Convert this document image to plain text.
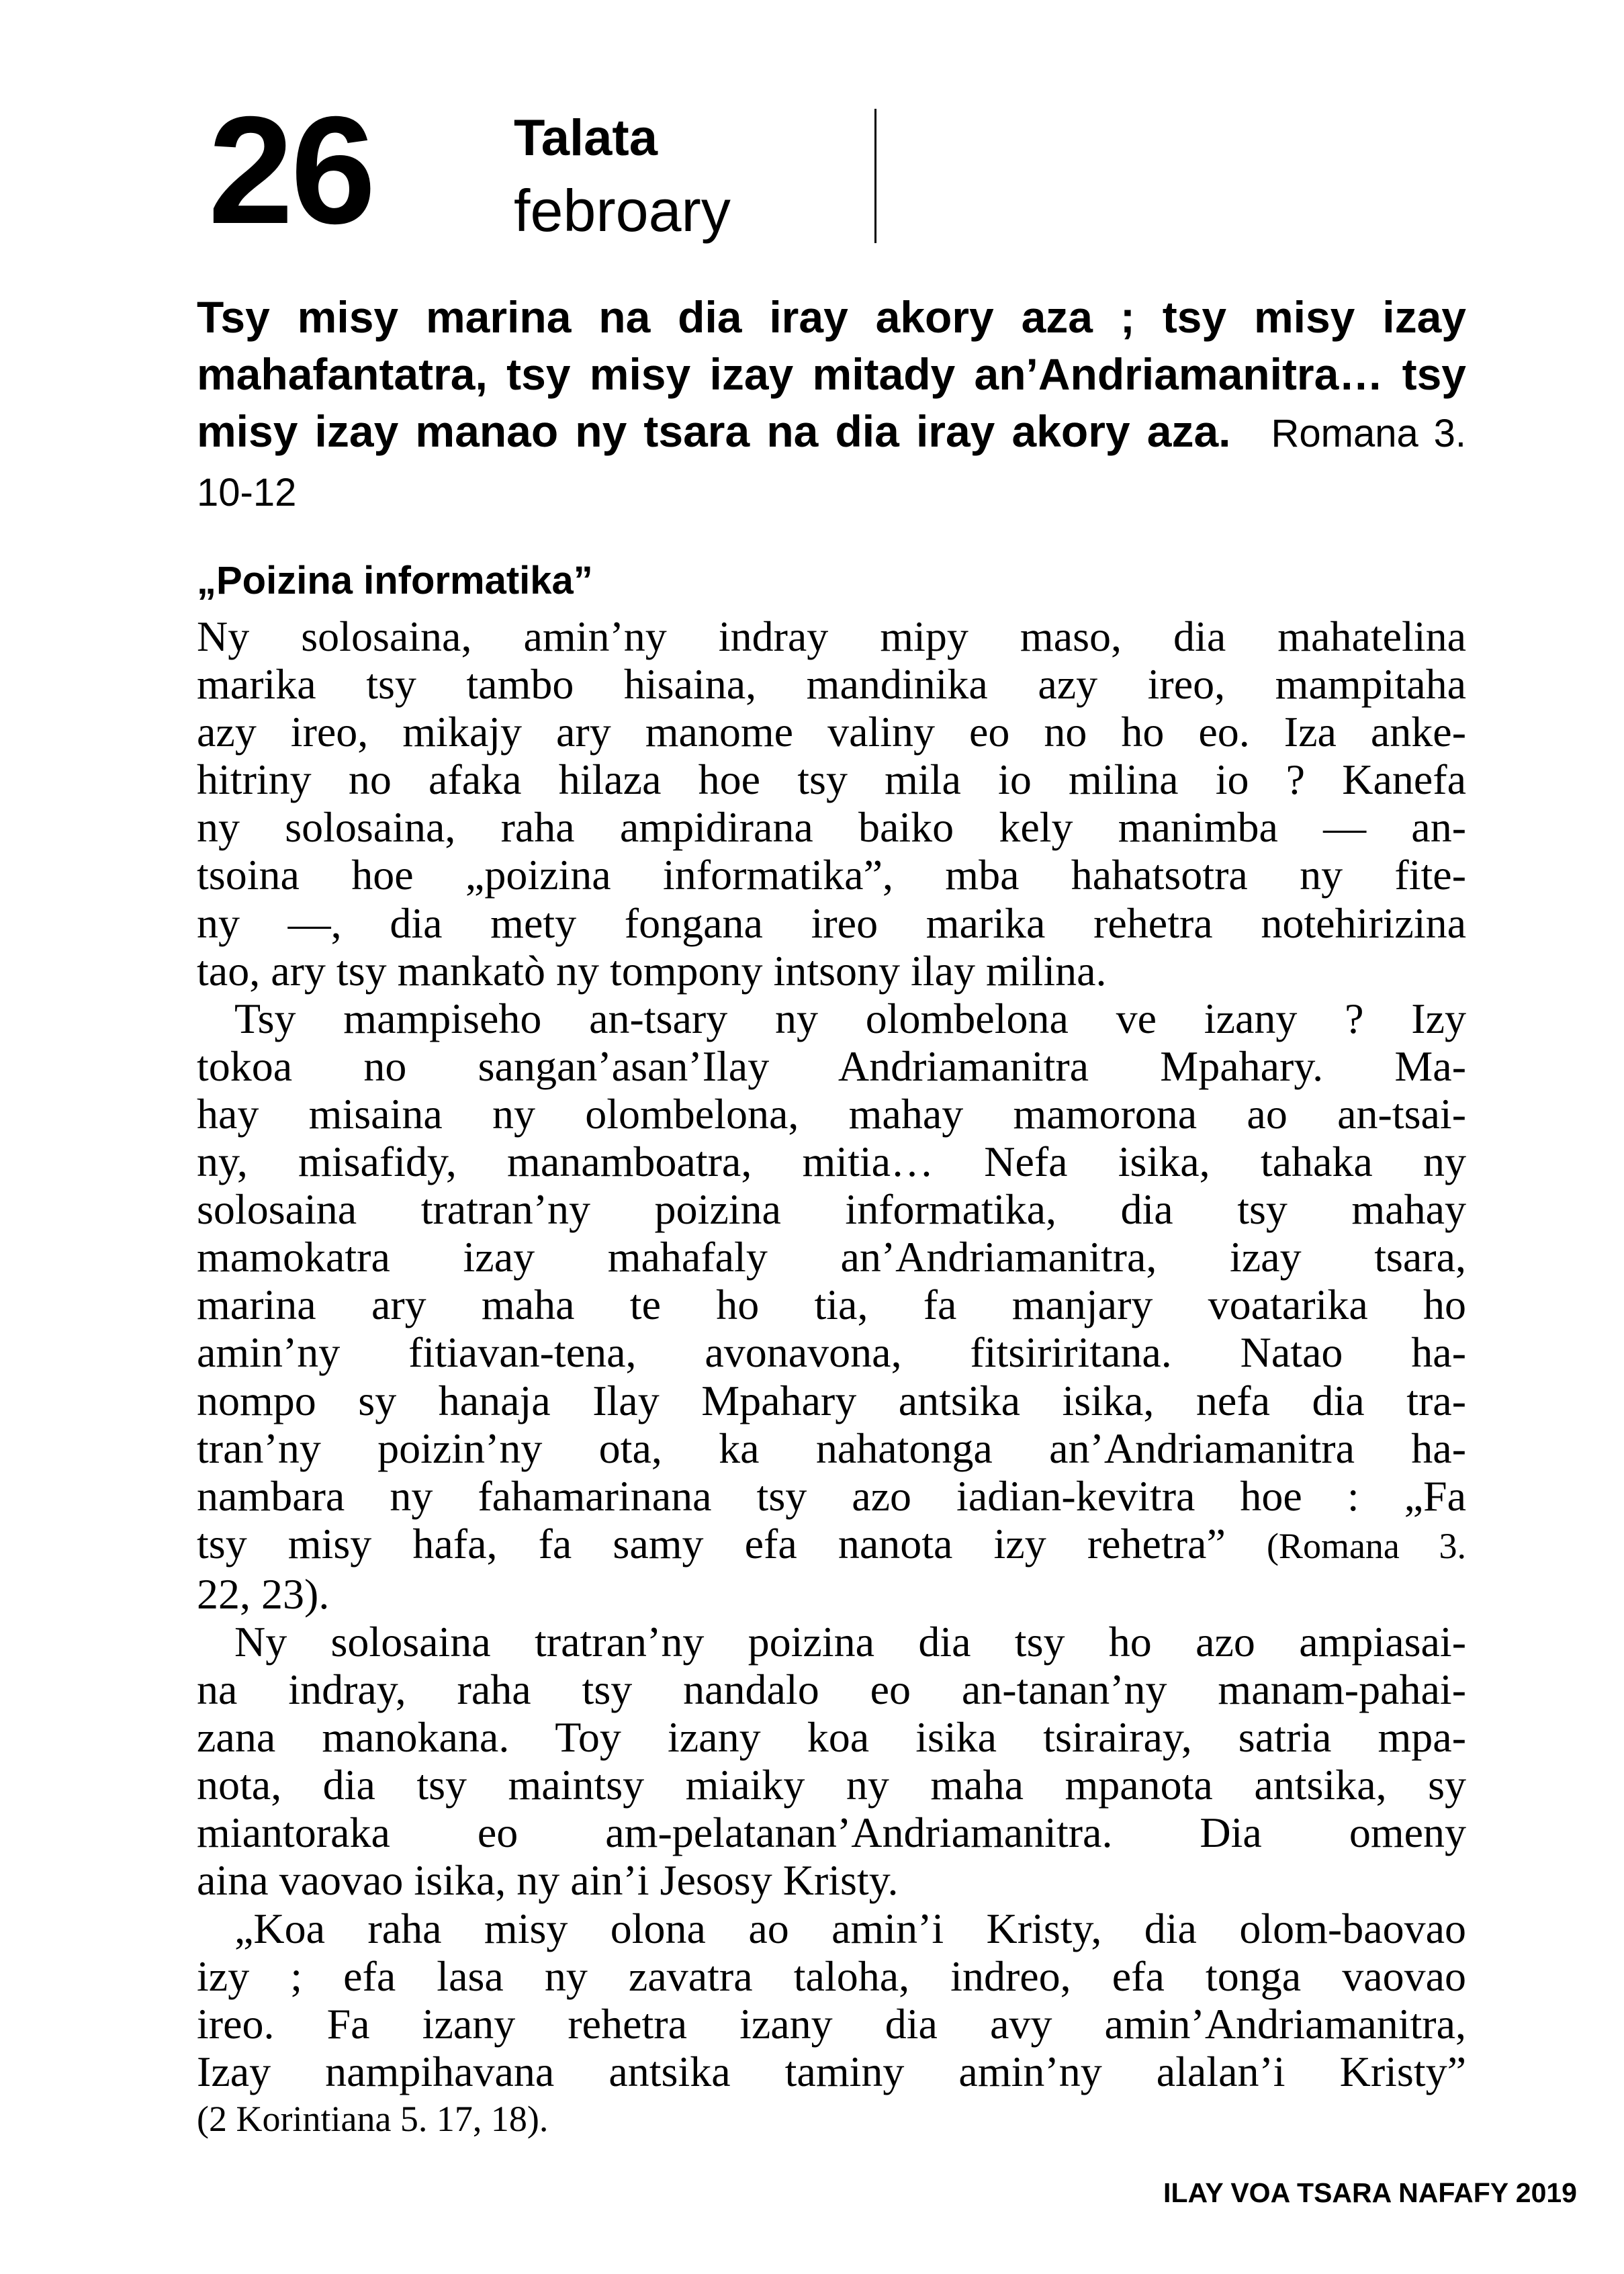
26	Talata
febroary
Tsy misy marina na dia iray akory aza ; tsy misy izay mahafantatra, tsy misy izay mitady an’Andriamanitra… tsy misy izay manao ny tsara na dia iray akory aza. Romana 3. 10-12
„Poizina informatika”

Ny solosaina, amin’ny indray mipy maso, dia mahatelina

marika tsy tambo hisaina, mandinika azy ireo, mampitaha

azy ireo, mikajy ary manome valiny eo no ho eo. Iza anke-

hitriny no afaka hilaza hoe tsy mila io milina io ? Kanefa

ny solosaina, raha ampidirana baiko kely manimba — an-

tsoina hoe „poizina informatika”, mba hahatsotra ny fite-

ny —, dia mety fongana ireo marika rehetra notehirizina

tao, ary tsy mankatò ny tompony intsony ilay milina.

Tsy mampiseho an-tsary ny olombelona ve izany ? Izy

tokoa no sangan’asan’Ilay Andriamanitra Mpahary. Ma-

hay misaina ny olombelona, mahay mamorona ao an-tsai-

ny, misafidy, manamboatra, mitia… Nefa isika, tahaka ny

solosaina tratran’ny poizina informatika, dia tsy mahay

mamokatra izay mahafaly an’Andriamanitra, izay tsara,

marina ary maha te ho tia, fa manjary voatarika ho

amin’ny fitiavan-tena, avonavona, fitsiriritana. Natao ha-

nompo sy hanaja Ilay Mpahary antsika isika, nefa dia tra-

tran’ny poizin’ny ota, ka nahatonga an’Andriamanitra ha-

nambara ny fahamarinana tsy azo iadian-kevitra hoe : „Fa

tsy misy hafa, fa samy efa nanota izy rehetra” (Romana 3.

22, 23).

Ny solosaina tratran’ny poizina dia tsy ho azo ampiasai-

na indray, raha tsy nandalo eo an-tanan’ny manam-pahai-

zana manokana. Toy izany koa isika tsirairay, satria mpa-

nota, dia tsy maintsy miaiky ny maha mpanota antsika, sy

miantoraka eo am-pelatanan’Andriamanitra. Dia omeny

aina vaovao isika, ny ain’i Jesosy Kristy.

„Koa raha misy olona ao amin’i Kristy, dia olom-baovao

izy ; efa lasa ny zavatra taloha, indreo, efa tonga vaovao

ireo. Fa izany rehetra izany dia avy amin’Andriamanitra,

Izay nampihavana antsika taminy amin’ny alalan’i Kristy”

(2 Korintiana 5. 17, 18).

ILAY VOA TSARA NAFAFY 2019
